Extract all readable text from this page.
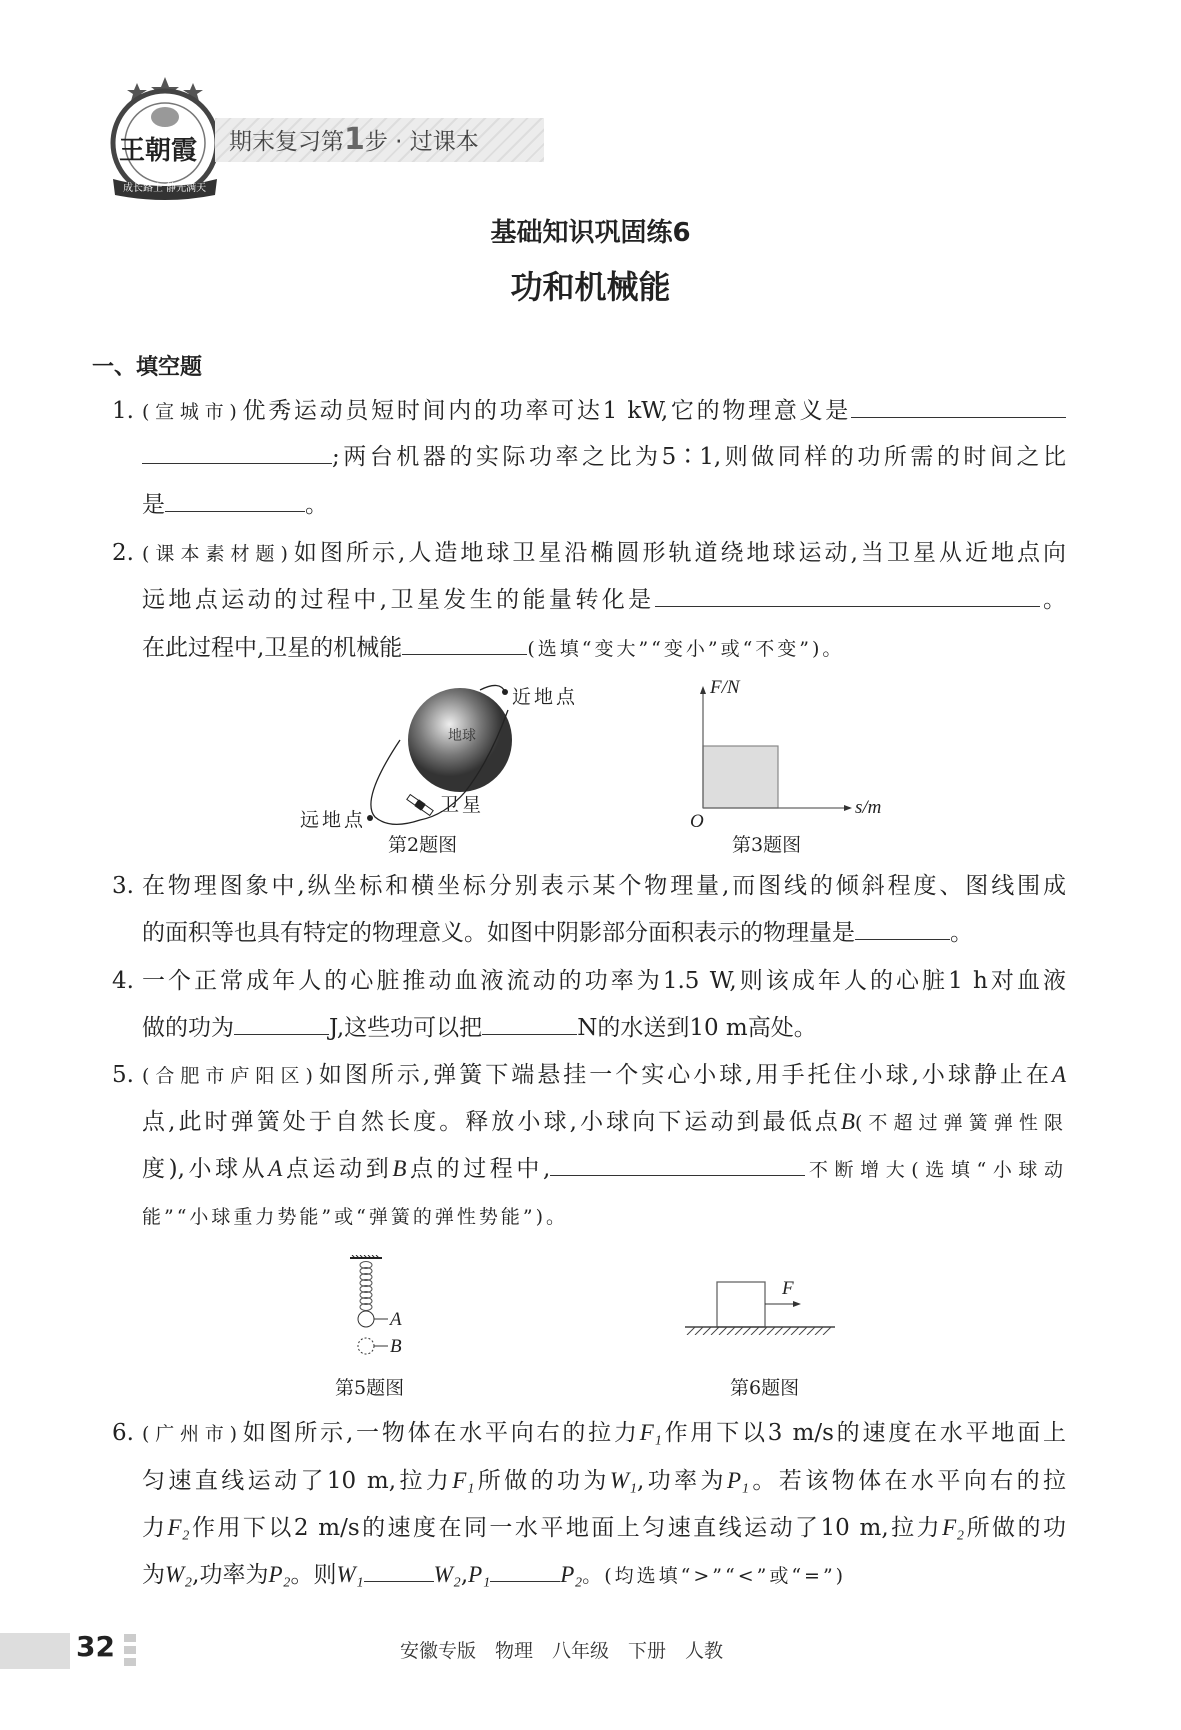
王朝霞
成长路上 静光满天
期末复习第1步 · 过课本
基础知识巩固练6
功和机械能
一、填空题
1. (宣城市)优秀运动员短时间内的功率可达1 kW,它的物理意义是
;两台机器的实际功率之比为5∶1,则做同样的功所需的时间之比
是	。
2. (课本素材题)如图所示,人造地球卫星沿椭圆形轨道绕地球运动,当卫星从近地点向
远地点运动的过程中,卫星发生的能量转化是	。
在此过程中,卫星的机械能	(选填“变大”“变小”或“不变”)。
近地点
远地点
卫星
地球
第2题图
F/N
s/m
O
第3题图
3. 在物理图象中,纵坐标和横坐标分别表示某个物理量,而图线的倾斜程度、图线围成
的面积等也具有特定的物理意义。如图中阴影部分面积表示的物理量是	。
4. 一个正常成年人的心脏推动血液流动的功率为1.5 W,则该成年人的心脏1 h对血液
做的功为	J,这些功可以把	N的水送到10 m高处。
5. (合肥市庐阳区)如图所示,弹簧下端悬挂一个实心小球,用手托住小球,小球静止在A
点,此时弹簧处于自然长度。释放小球,小球向下运动到最低点B(不超过弹簧弹性限
度),小球从A点运动到B点的过程中,	不断增大(选填“小球动
能”“小球重力势能”或“弹簧的弹性势能”)。
A
B
第5题图
F
第6题图
6. (广州市)如图所示,一物体在水平向右的拉力F₁作用下以3 m/s的速度在水平地面上
匀速直线运动了10 m,拉力F₁所做的功为W₁,功率为P₁。若该物体在水平向右的拉
力F₂作用下以2 m/s的速度在同一水平地面上匀速直线运动了10 m,拉力F₂所做的功
为W₂,功率为P₂。则W₁	W₂,P₁	P₂。(均选填“>”“<”或“=”)
32	安徽专版　物理　八年级　下册　人教
